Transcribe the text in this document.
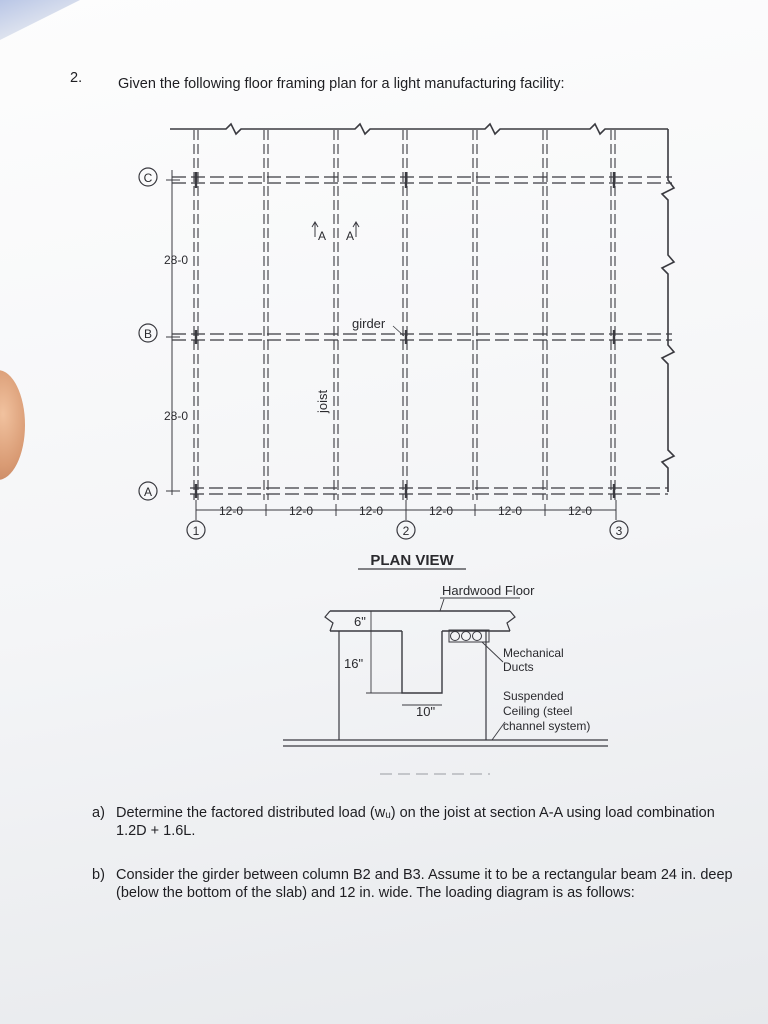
2. Given the following floor framing plan for a light manufacturing facility:
C
B
A
1	2	3
28-0
28-0
12-0	12-0	12-0	12-0	12-0	12-0
A A
girder
joist
PLAN VIEW
Hardwood Floor
6"
16"
10"
Mechanical
Ducts
Suspended
Ceiling (steel
channel system)
a) Determine the factored distributed load (wᵤ) on the joist at section A-A using load combination 1.2D + 1.6L.
b) Consider the girder between column B2 and B3. Assume it to be a rectangular beam 24 in. deep (below the bottom of the slab) and 12 in. wide. The loading diagram is as follows:
